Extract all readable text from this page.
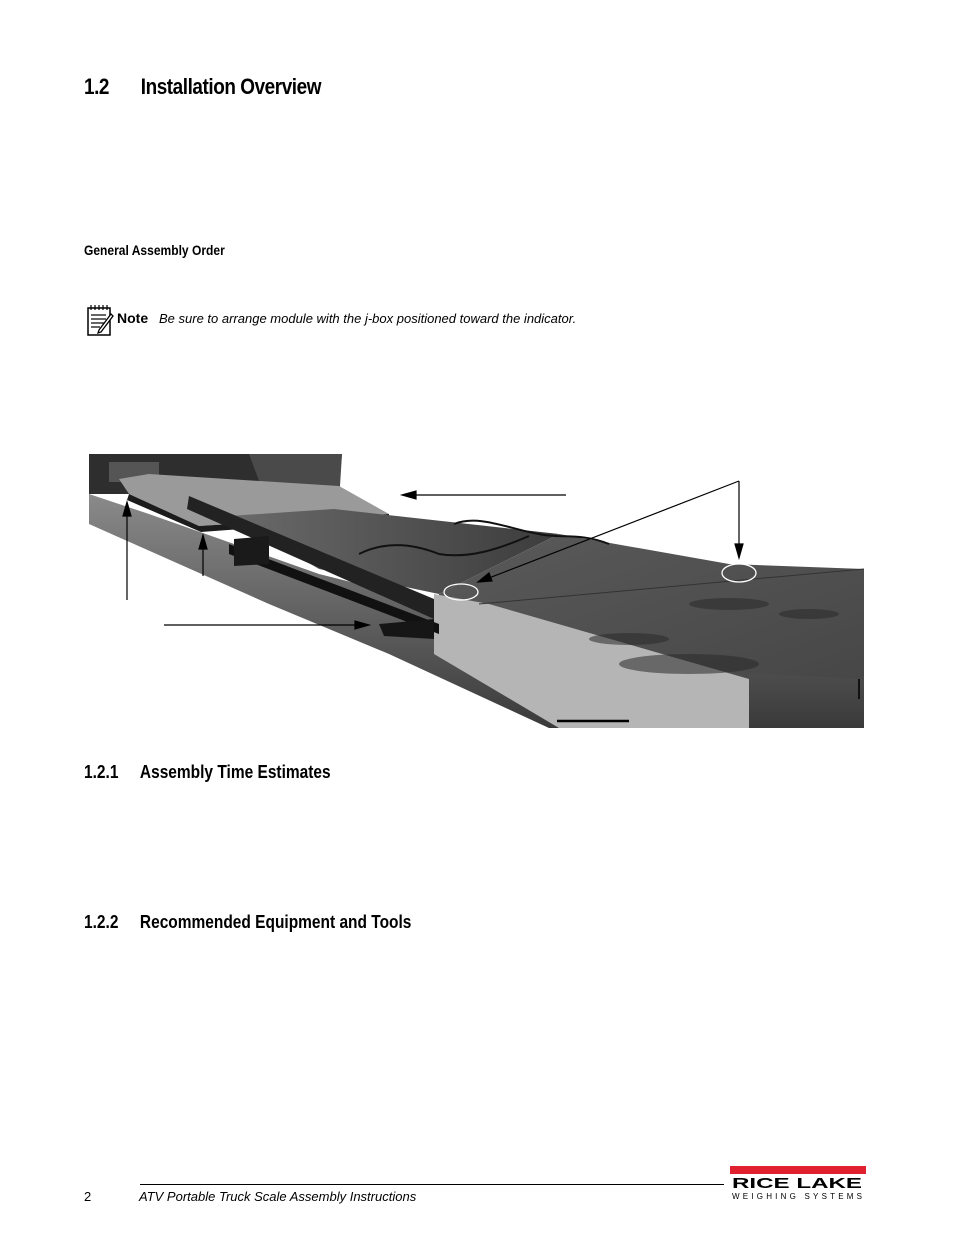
1.2 Installation Overview
General Assembly Order
Note Be sure to arrange module with the j-box positioned toward the indicator.
1.2.1 Assembly Time Estimates
1.2.2 Recommended Equipment and Tools
2	ATV Portable Truck Scale Assembly Instructions
RICE LAKE
WEIGHING SYSTEMS
